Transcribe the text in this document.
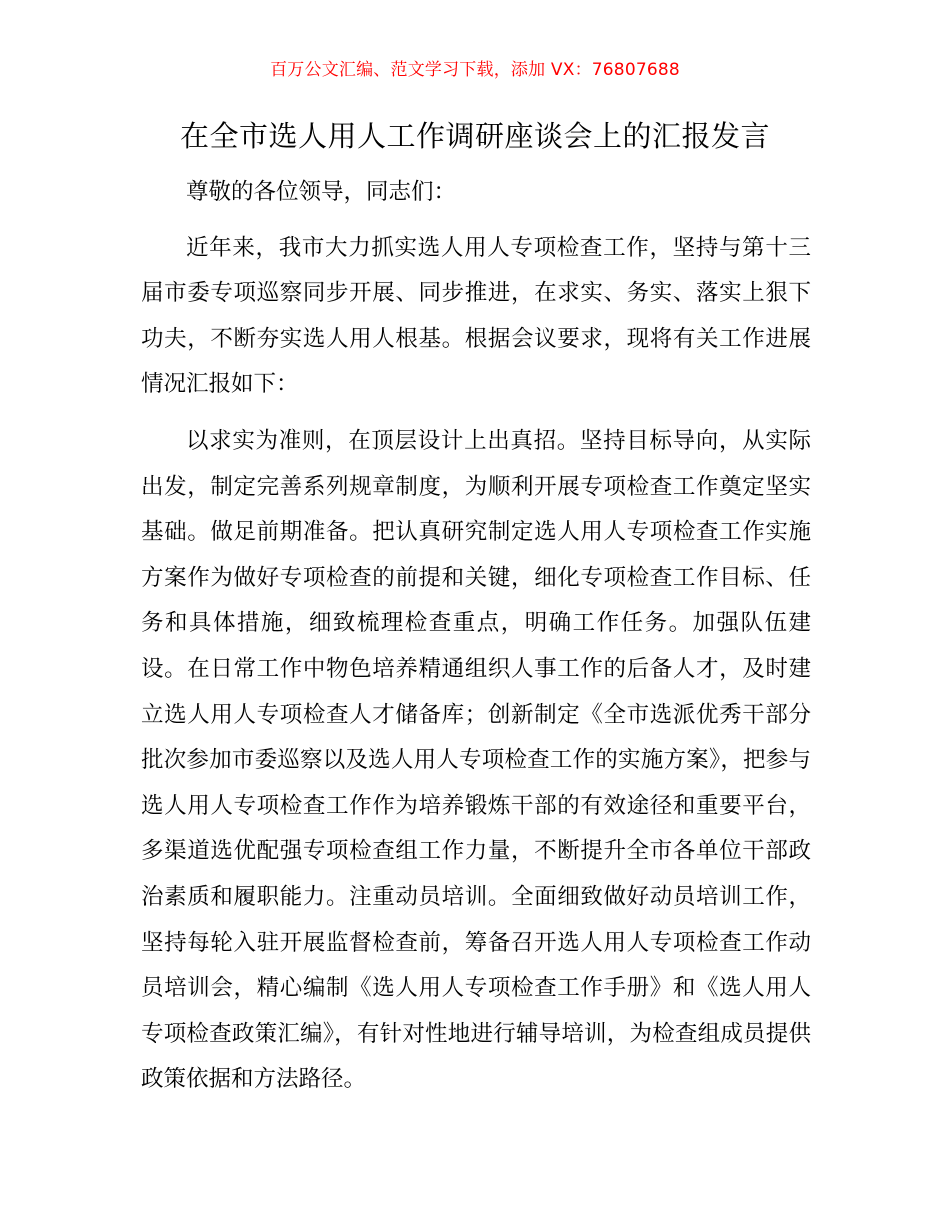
百万公文汇编、范文学习下载，添加 VX：76807688
在全市选人用人工作调研座谈会上的汇报发言

尊敬的各位领导，同志们：

近年来，我市大力抓实选人用人专项检查工作，坚持与第十三届市委专项巡察同步开展、同步推进，在求实、务实、落实上狠下功夫，不断夯实选人用人根基。根据会议要求，现将有关工作进展情况汇报如下：

以求实为准则，在顶层设计上出真招。坚持目标导向，从实际出发，制定完善系列规章制度，为顺利开展专项检查工作奠定坚实基础。做足前期准备。把认真研究制定选人用人专项检查工作实施方案作为做好专项检查的前提和关键，细化专项检查工作目标、任务和具体措施，细致梳理检查重点，明确工作任务。加强队伍建设。在日常工作中物色培养精通组织人事工作的后备人才，及时建立选人用人专项检查人才储备库；创新制定《全市选派优秀干部分批次参加市委巡察以及选人用人专项检查工作的实施方案》，把参与选人用人专项检查工作作为培养锻炼干部的有效途径和重要平台，多渠道选优配强专项检查组工作力量，不断提升全市各单位干部政治素质和履职能力。注重动员培训。全面细致做好动员培训工作，坚持每轮入驻开展监督检查前，筹备召开选人用人专项检查工作动员培训会，精心编制《选人用人专项检查工作手册》和《选人用人专项检查政策汇编》，有针对性地进行辅导培训，为检查组成员提供政策依据和方法路径。
